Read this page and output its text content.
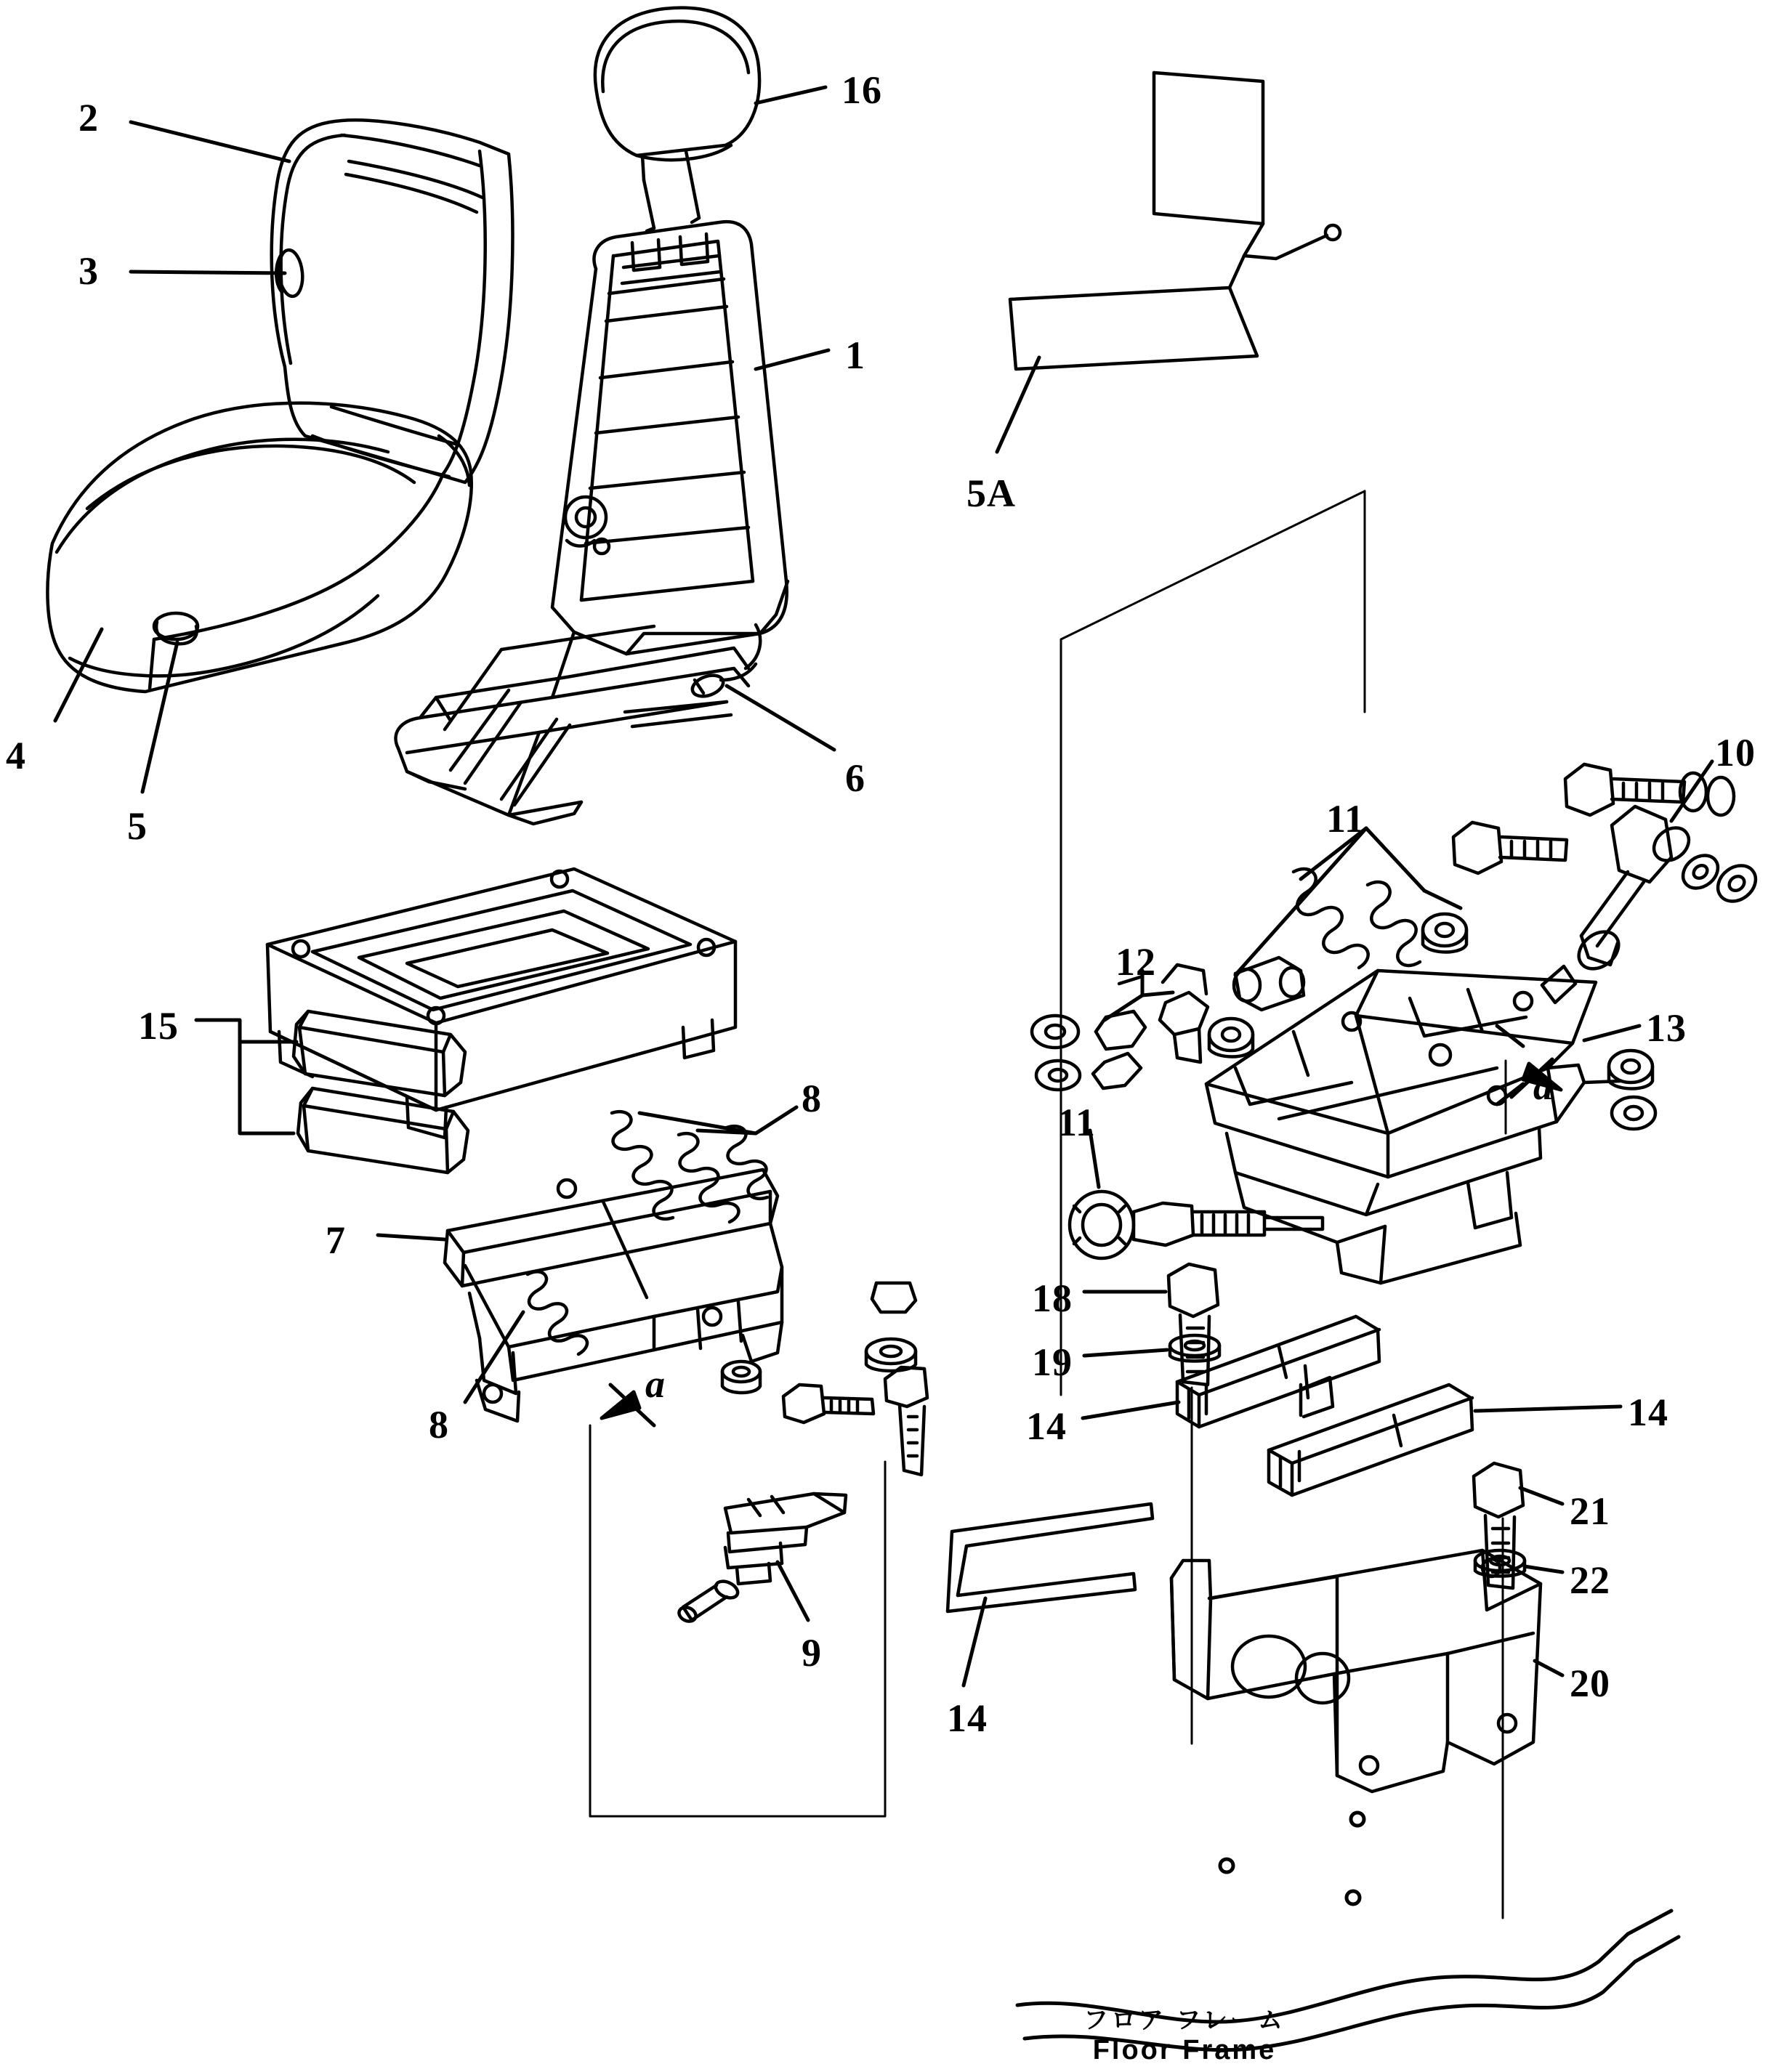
2
16
3
1
5A
4
5
6
10
11
12
13
15
8
11
a
7
18
19
14	14
8
a
21
22
9
20
14
フロア フレーム
Floor Frame
